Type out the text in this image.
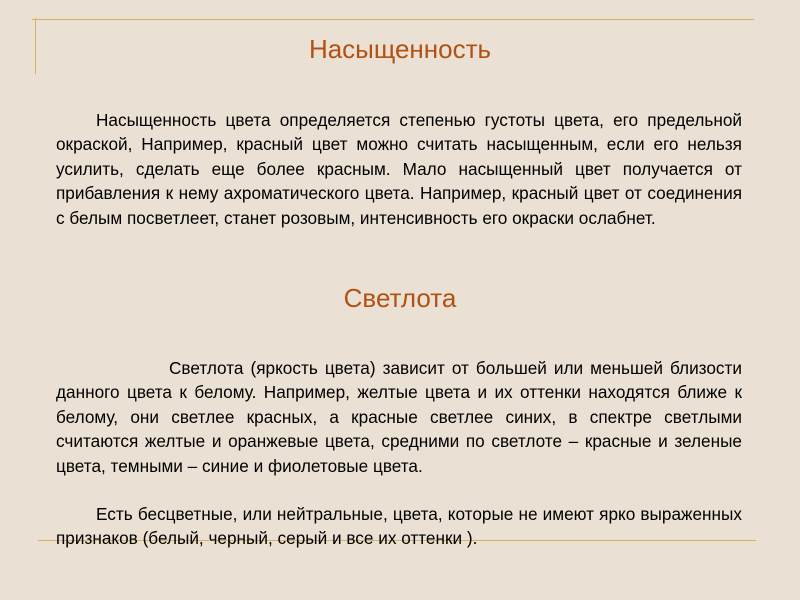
Насыщенность

Насыщенность цвета определяется степенью густоты цвета, его предельной окраской, Например, красный цвет можно считать насыщенным, если его нельзя усилить, сделать еще более красным. Мало насыщенный цвет получается от прибавления к нему ахроматического цвета. Например, красный цвет от соединения с белым посветлеет, станет розовым, интенсивность его окраски ослабнет.

Светлота

Светлота (яркость цвета) зависит от большей или меньшей близости данного цвета к белому. Например, желтые цвета и их оттенки находятся ближе к белому, они светлее красных, а красные светлее синих, в спектре светлыми считаются желтые и оранжевые цвета, средними по светлоте – красные и зеленые цвета, темными – синие и фиолетовые цвета.

Есть бесцветные, или нейтральные, цвета, которые не имеют ярко выраженных признаков (белый, черный, серый и все их оттенки ).
